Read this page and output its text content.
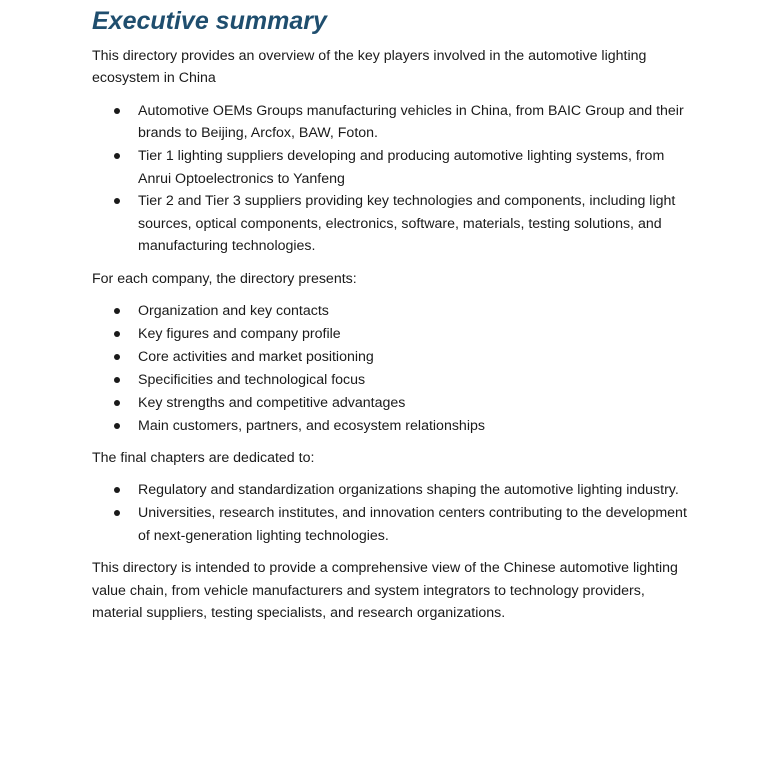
Executive summary

This directory provides an overview of the key players involved in the automotive lighting ecosystem in China

Automotive OEMs Groups manufacturing vehicles in China, from BAIC Group and their brands to Beijing, Arcfox, BAW, Foton.
Tier 1 lighting suppliers developing and producing automotive lighting systems, from Anrui Optoelectronics to Yanfeng
Tier 2 and Tier 3 suppliers providing key technologies and components, including light sources, optical components, electronics, software, materials, testing solutions, and manufacturing technologies.

For each company, the directory presents:

Organization and key contacts
Key figures and company profile
Core activities and market positioning
Specificities and technological focus
Key strengths and competitive advantages
Main customers, partners, and ecosystem relationships

The final chapters are dedicated to:

Regulatory and standardization organizations shaping the automotive lighting industry.
Universities, research institutes, and innovation centers contributing to the development of next-generation lighting technologies.

This directory is intended to provide a comprehensive view of the Chinese automotive lighting value chain, from vehicle manufacturers and system integrators to technology providers, material suppliers, testing specialists, and research organizations.
